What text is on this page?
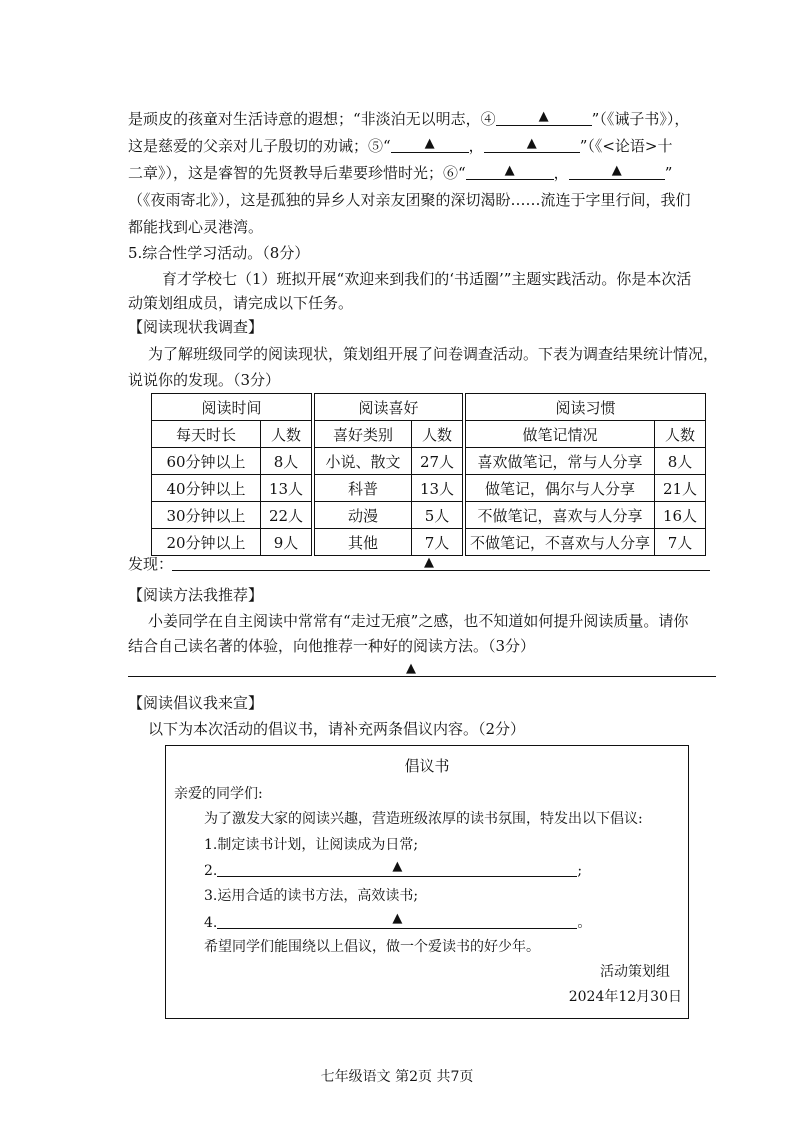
是顽皮的孩童对生活诗意的遐想；“非淡泊无以明志，④	▲	”（《诫子书》），
这是慈爱的父亲对儿子殷切的劝诫；⑤“	▲ ，	▲	”（《<论语>十
二章》），这是睿智的先贤教导后辈要珍惜时光；⑥“	▲	，	▲	”
（《夜雨寄北》），这是孤独的异乡人对亲友团聚的深切渴盼……流连于字里行间，我们
都能找到心灵港湾。
5.综合性学习活动。（8分）
育才学校七（1）班拟开展“欢迎来到我们的‘书适圈’”主题实践活动。你是本次活
动策划组成员，请完成以下任务。
【阅读现状我调查】
为了解班级同学的阅读现状，策划组开展了问卷调查活动。下表为调查结果统计情况，
说说你的发现。（3分）
阅读时间			阅读喜好			阅读习惯	
每天时长	人数		喜好类别	人数		做笔记情况	人数
60分钟以上	8人		小说、散文	27人		喜欢做笔记，常与人分享	8人
40分钟以上	13人		科普	13人		做笔记，偶尔与人分享	21人
30分钟以上	22人		动漫	5人		不做笔记，喜欢与人分享	16人
20分钟以上	9人		其他	7人		不做笔记，不喜欢与人分享	7人
发现：	▲
【阅读方法我推荐】
小姜同学在自主阅读中常常有“走过无痕”之感，也不知道如何提升阅读质量。请你
结合自己读名著的体验，向他推荐一种好的阅读方法。（3分）
▲
【阅读倡议我来宣】
以下为本次活动的倡议书，请补充两条倡议内容。（2分）
倡议书
亲爱的同学们:
为了激发大家的阅读兴趣，营造班级浓厚的读书氛围，特发出以下倡议:
1.制定读书计划，让阅读成为日常;
2.	▲	;
3.运用合适的读书方法，高效读书;
4.	▲	。
希望同学们能围绕以上倡议，做一个爱读书的好少年。
活动策划组
2024年12月30日
七年级语文 第2页 共7页
